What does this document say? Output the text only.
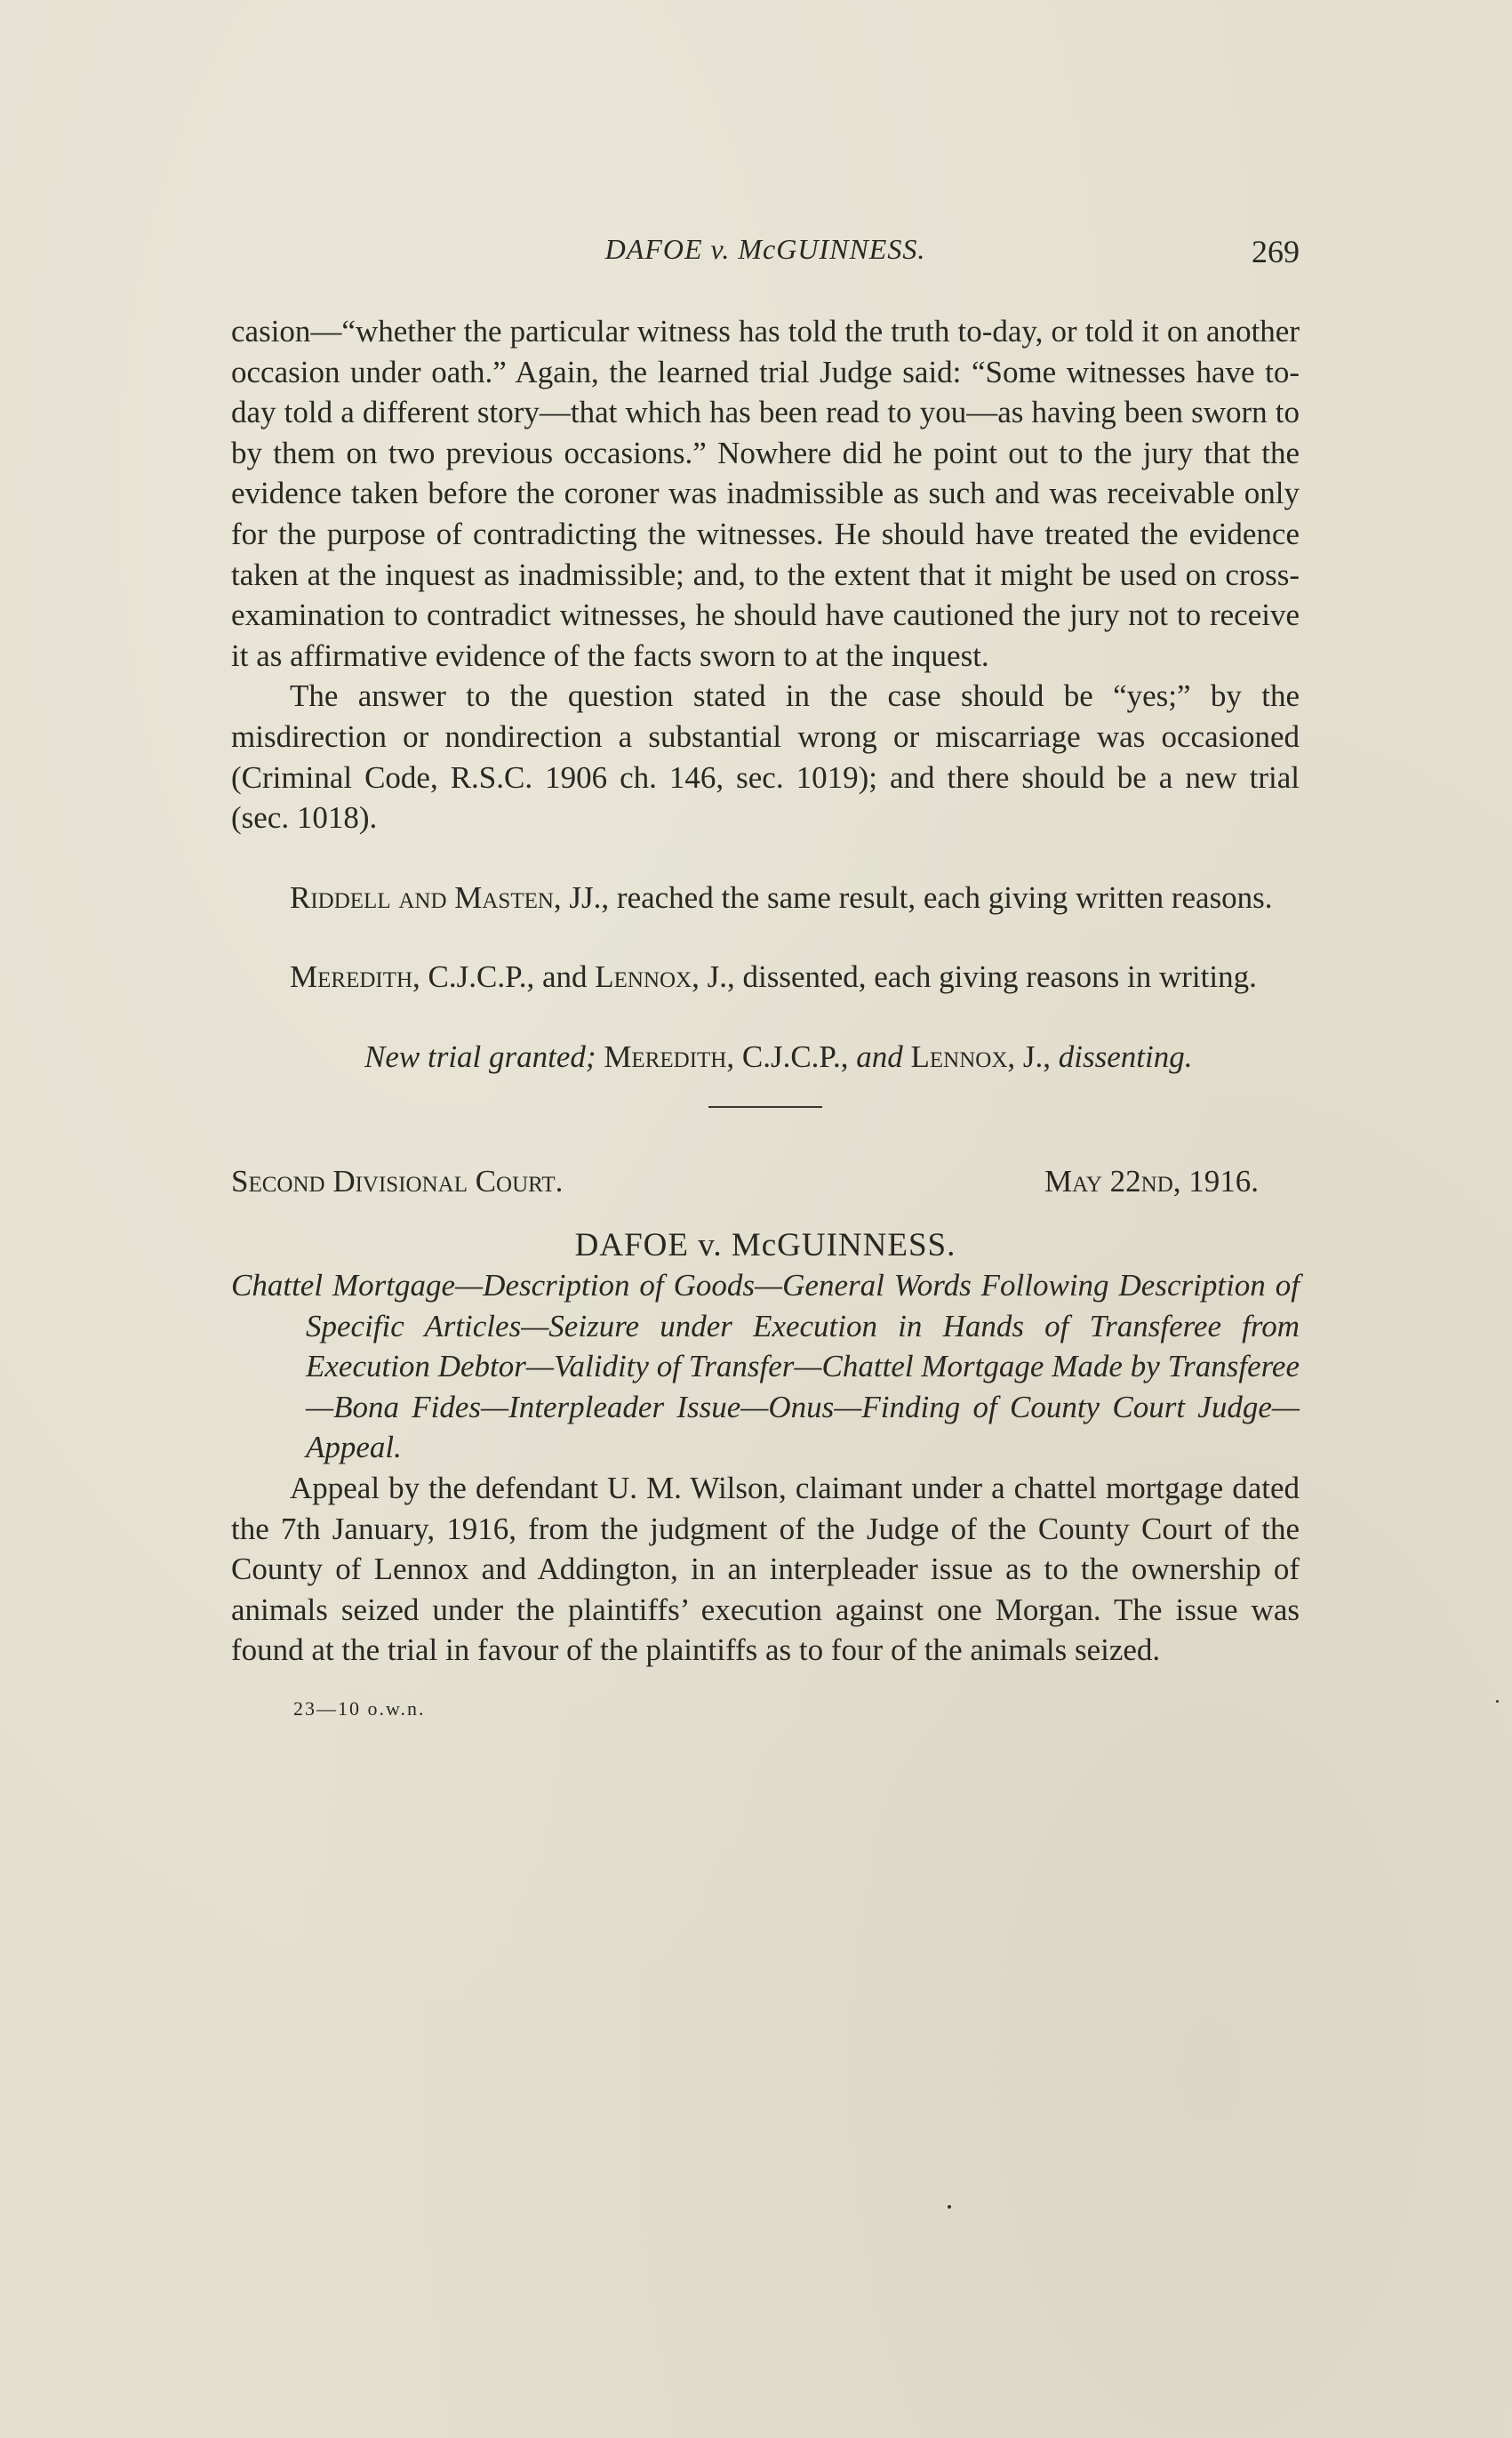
DAFOE v. McGUINNESS.	269

casion—“whether the particular witness has told the truth to-day, or told it on another occasion under oath.” Again, the learned trial Judge said: “Some witnesses have to-day told a different story—that which has been read to you—as having been sworn to by them on two previous occasions.” Nowhere did he point out to the jury that the evidence taken before the coroner was inadmissible as such and was receivable only for the purpose of contradicting the witnesses. He should have treated the evidence taken at the inquest as inadmissible; and, to the extent that it might be used on cross-examination to contradict witnesses, he should have cautioned the jury not to receive it as affirmative evidence of the facts sworn to at the inquest.

The answer to the question stated in the case should be “yes;” by the misdirection or nondirection a substantial wrong or miscarriage was occasioned (Criminal Code, R.S.C. 1906 ch. 146, sec. 1019); and there should be a new trial (sec. 1018).

Riddell and Masten, JJ., reached the same result, each giving written reasons.

Meredith, C.J.C.P., and Lennox, J., dissented, each giving reasons in writing.

New trial granted; Meredith, C.J.C.P., and Lennox, J., dissenting.

Second Divisional Court.	May 22nd, 1916.
DAFOE v. McGUINNESS.

Chattel Mortgage—Description of Goods—General Words Following Description of Specific Articles—Seizure under Execution in Hands of Transferee from Execution Debtor—Validity of Transfer—Chattel Mortgage Made by Transferee—Bona Fides—Interpleader Issue—Onus—Finding of County Court Judge—Appeal.

Appeal by the defendant U. M. Wilson, claimant under a chattel mortgage dated the 7th January, 1916, from the judgment of the Judge of the County Court of the County of Lennox and Addington, in an interpleader issue as to the ownership of animals seized under the plaintiffs’ execution against one Morgan. The issue was found at the trial in favour of the plaintiffs as to four of the animals seized.

23—10 o.w.n.
